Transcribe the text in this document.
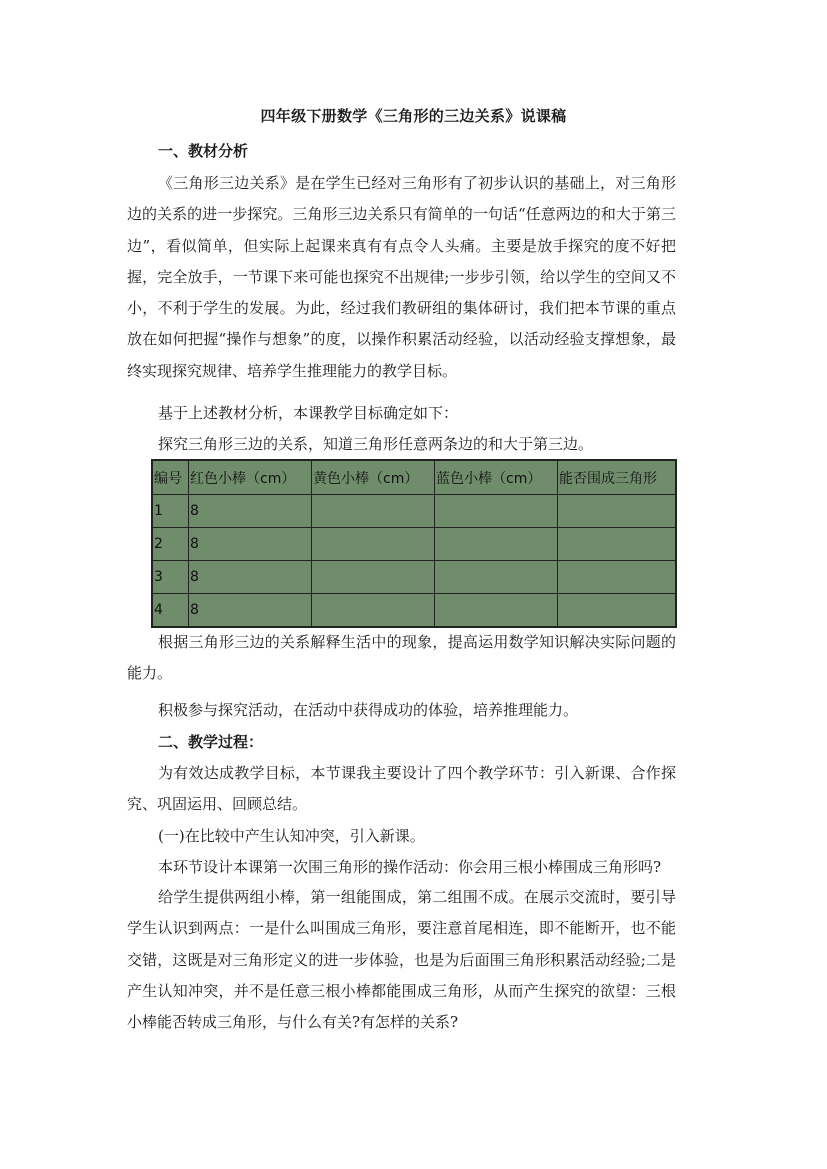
四年级下册数学《三角形的三边关系》说课稿
一、教材分析
《三角形三边关系》是在学生已经对三角形有了初步认识的基础上，对三角形边的关系的进一步探究。三角形三边关系只有简单的一句话“任意两边的和大于第三边”，看似简单，但实际上起课来真有有点令人头痛。主要是放手探究的度不好把握，完全放手，一节课下来可能也探究不出规律;一步步引领，给以学生的空间又不小，不利于学生的发展。为此，经过我们教研组的集体研讨，我们把本节课的重点放在如何把握“操作与想象”的度，以操作积累活动经验，以活动经验支撑想象，最终实现探究规律、培养学生推理能力的教学目标。
基于上述教材分析，本课教学目标确定如下：
探究三角形三边的关系，知道三角形任意两条边的和大于第三边。
编号	红色小棒（cm）	黄色小棒（cm）	蓝色小棒（cm）	能否围成三角形
1	8			
2	8			
3	8			
4	8			
根据三角形三边的关系解释生活中的现象，提高运用数学知识解决实际问题的能力。
积极参与探究活动，在活动中获得成功的体验，培养推理能力。
二、教学过程：
为有效达成教学目标，本节课我主要设计了四个教学环节：引入新课、合作探究、巩固运用、回顾总结。
(一)在比较中产生认知冲突，引入新课。
本环节设计本课第一次围三角形的操作活动：你会用三根小棒围成三角形吗?
给学生提供两组小棒，第一组能围成，第二组围不成。在展示交流时，要引导学生认识到两点：一是什么叫围成三角形，要注意首尾相连，即不能断开，也不能交错，这既是对三角形定义的进一步体验，也是为后面围三角形积累活动经验;二是产生认知冲突，并不是任意三根小棒都能围成三角形，从而产生探究的欲望：三根小棒能否转成三角形，与什么有关?有怎样的关系?
